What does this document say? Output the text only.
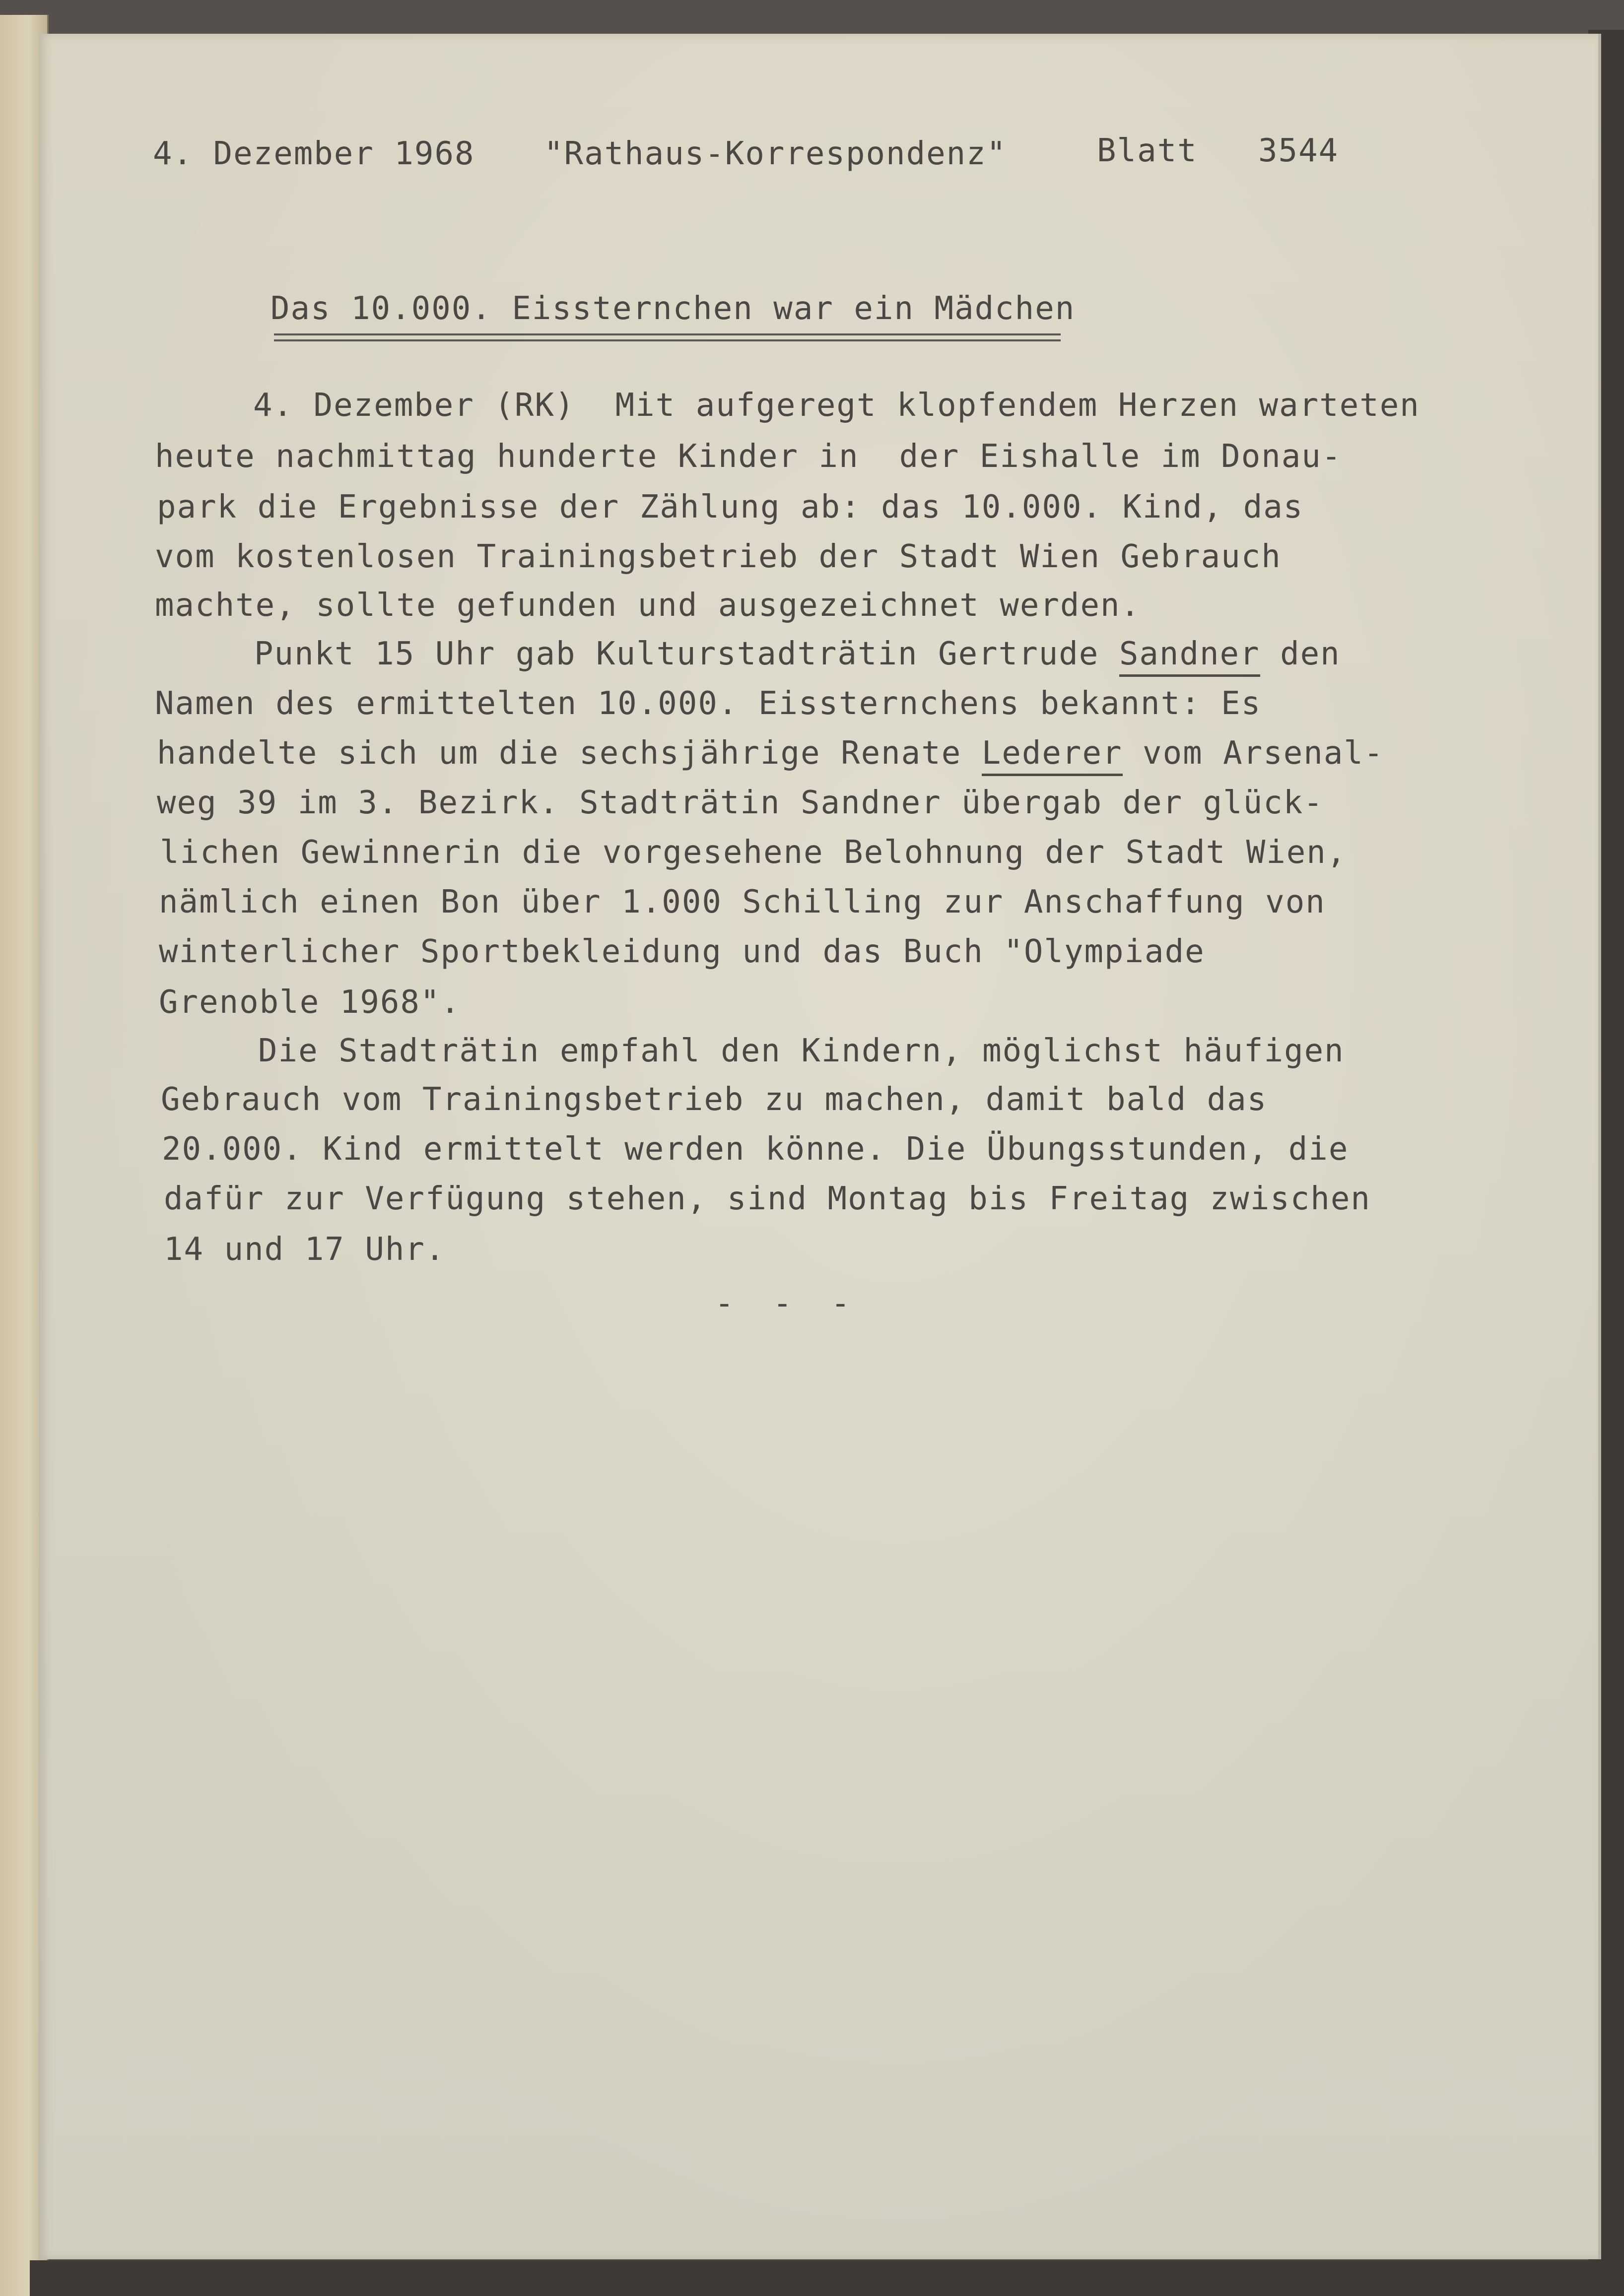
4. Dezember 1968 "Rathaus-Korrespondenz"	Blatt 3544
Das 10.000. Eissternchen war ein Mädchen
4. Dezember (RK)  Mit aufgeregt klopfendem Herzen warteten
heute nachmittag hunderte Kinder in  der Eishalle im Donau-
park die Ergebnisse der Zählung ab: das 10.000. Kind, das
vom kostenlosen Trainingsbetrieb der Stadt Wien Gebrauch
machte, sollte gefunden und ausgezeichnet werden.
Punkt 15 Uhr gab Kulturstadträtin Gertrude Sandner den
Namen des ermittelten 10.000. Eissternchens bekannt: Es
handelte sich um die sechsjährige Renate Lederer vom Arsenal-
weg 39 im 3. Bezirk. Stadträtin Sandner übergab der glück-
lichen Gewinnerin die vorgesehene Belohnung der Stadt Wien,
nämlich einen Bon über 1.000 Schilling zur Anschaffung von
winterlicher Sportbekleidung und das Buch "Olympiade
Grenoble 1968".
Die Stadträtin empfahl den Kindern, möglichst häufigen
Gebrauch vom Trainingsbetrieb zu machen, damit bald das
20.000. Kind ermittelt werden könne. Die Übungsstunden, die
dafür zur Verfügung stehen, sind Montag bis Freitag zwischen
14 und 17 Uhr.
- - -
